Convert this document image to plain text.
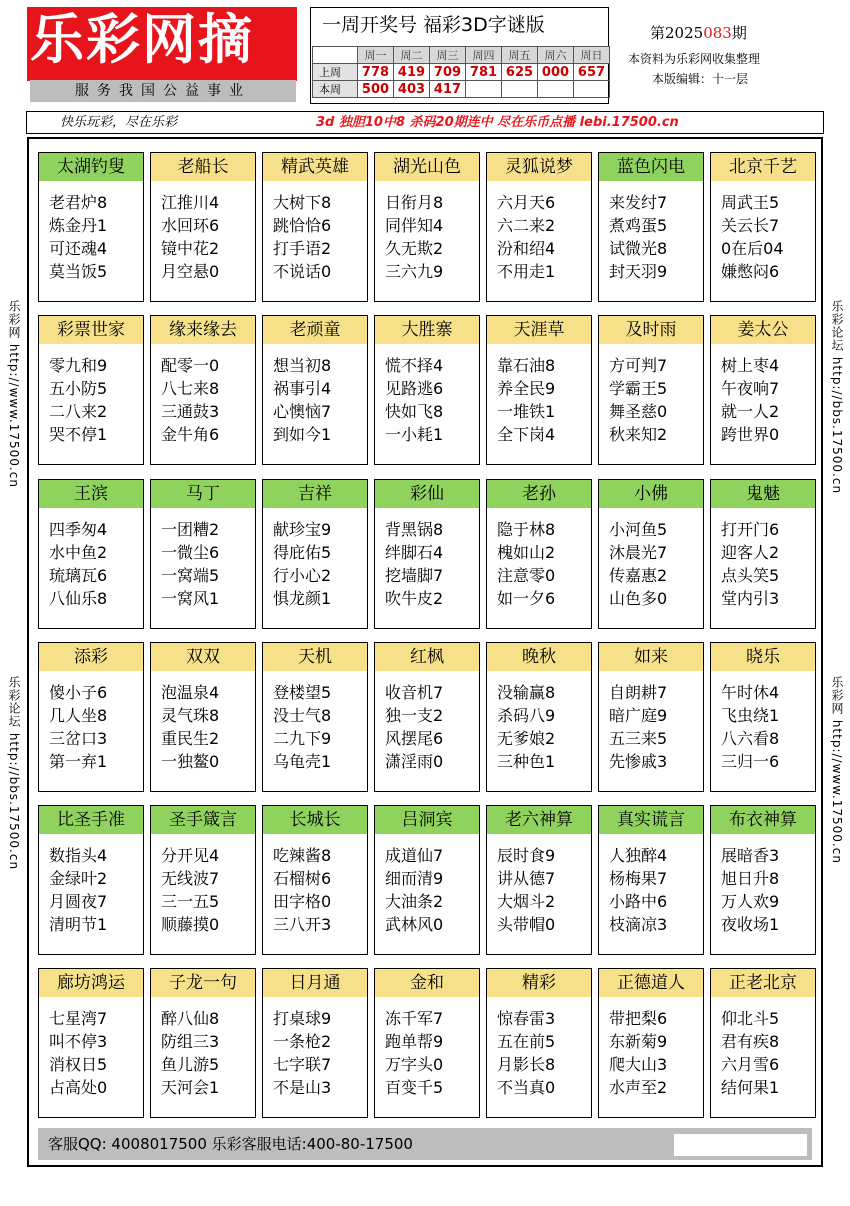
乐彩网摘
服务我国公益事业
一周开奖号 福彩3D字谜版
	周一	周二	周三	周四	周五	周六	周日
上周	778	419	709	781	625	000	657
本周	500	403	417				
第2025083期
本资料为乐彩网收集整理
本版编辑：十一层
快乐玩彩，尽在乐彩	3d 独胆10中8 杀码20期连中 尽在乐币点播 lebi.17500.cn
乐彩网 http://www.17500.cn
乐彩论坛 http://bbs.17500.cn
乐彩论坛 http://bbs.17500.cn
乐彩网 http://www.17500.cn
太湖钓叟
老君炉8
炼金丹1
可还魂4
莫当饭5
老船长
江推川4
水回环6
镜中花2
月空悬0
精武英雄
大树下8
跳恰恰6
打手语2
不说话0
湖光山色
日衔月8
同伴知4
久无欺2
三六九9
灵狐说梦
六月天6
六二来2
汾和绍4
不用走1
蓝色闪电
来发纣7
煮鸡蛋5
试微光8
封天羽9
北京千艺
周武王5
关云长7
0在后04
嫌憋闷6
彩票世家
零九和9
五小防5
二八来2
哭不停1
缘来缘去
配零一0
八七来8
三通鼓3
金牛角6
老顽童
想当初8
祸事引4
心懊恼7
到如今1
大胜寨
慌不择4
见路逃6
快如飞8
一小耗1
天涯草
靠石油8
养全民9
一堆铁1
全下岗4
及时雨
方可判7
学霸王5
舞圣慈0
秋来知2
姜太公
树上枣4
午夜响7
就一人2
跨世界0
王滨
四季匆4
水中鱼2
琉璃瓦6
八仙乐8
马丁
一团糟2
一微尘6
一窝端5
一窝风1
吉祥
献珍宝9
得庇佑5
行小心2
惧龙颜1
彩仙
背黑锅8
绊脚石4
挖墙脚7
吹牛皮2
老孙
隐于林8
槐如山2
注意零0
如一夕6
小佛
小河鱼5
沐晨光7
传嘉惠2
山色多0
鬼魅
打开门6
迎客人2
点头笑5
堂内引3
添彩
傻小子6
几人坐8
三岔口3
第一弃1
双双
泡温泉4
灵气珠8
重民生2
一独鳌0
天机
登楼望5
没士气8
二九下9
乌龟壳1
红枫
收音机7
独一支2
风摆尾6
潇淫雨0
晚秋
没输赢8
杀码八9
无爹娘2
三种色1
如来
自朗耕7
暗广庭9
五三来5
先惨戚3
晓乐
午时休4
飞虫绕1
八六看8
三归一6
比圣手准
数指头4
金绿叶2
月圆夜7
清明节1
圣手箴言
分开见4
无线波7
三一五5
顺藤摸0
长城长
吃辣酱8
石榴树6
田字格0
三八开3
吕洞宾
成道仙7
细而清9
大油条2
武林风0
老六神算
辰时食9
讲从德7
大烟斗2
头带帽0
真实谎言
人独醉4
杨梅果7
小路中6
枝滴凉3
布衣神算
展暗香3
旭日升8
万人欢9
夜收场1
廊坊鸿运
七星湾7
叫不停3
消权日5
占高处0
子龙一句
醉八仙8
防组三3
鱼儿游5
天河会1
日月通
打桌球9
一条枪2
七字联7
不是山3
金和
冻千军7
跑单帮9
万字头0
百变千5
精彩
惊春雷3
五在前5
月影长8
不当真0
正德道人
带把梨6
东新菊9
爬大山3
水声至2
正老北京
仰北斗5
君有疾8
六月雪6
结何果1
客服QQ: 4008017500 乐彩客服电话:400-80-17500
